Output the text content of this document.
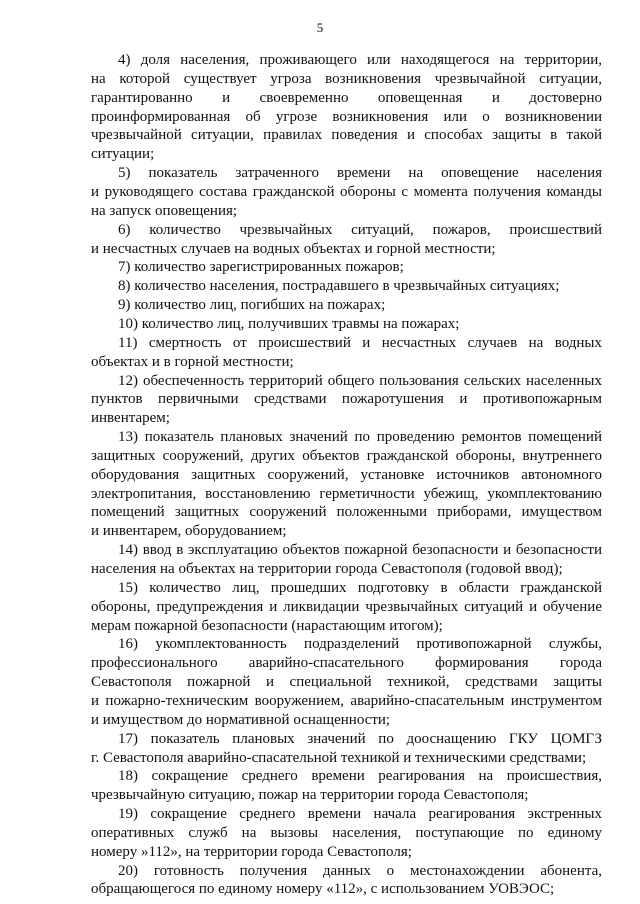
5
4) доля населения, проживающего или находящегося на территории,
на которой существует угроза возникновения чрезвычайной ситуации,
гарантированно и своевременно оповещенная и достоверно
проинформированная об угрозе возникновения или о возникновении
чрезвычайной ситуации, правилах поведения и способах защиты в такой
ситуации;
5) показатель затраченного времени на оповещение населения
и руководящего состава гражданской обороны с момента получения команды
на запуск оповещения;
6) количество чрезвычайных ситуаций, пожаров, происшествий
и несчастных случаев на водных объектах и горной местности;
7) количество зарегистрированных пожаров;
8) количество населения, пострадавшего в чрезвычайных ситуациях;
9) количество лиц, погибших на пожарах;
10) количество лиц, получивших травмы на пожарах;
11) смертность от происшествий и несчастных случаев на водных
объектах и в горной местности;
12) обеспеченность территорий общего пользования сельских населенных
пунктов первичными средствами пожаротушения и противопожарным
инвентарем;
13) показатель плановых значений по проведению ремонтов помещений
защитных сооружений, других объектов гражданской обороны, внутреннего
оборудования защитных сооружений, установке источников автономного
электропитания, восстановлению герметичности убежищ, укомплектованию
помещений защитных сооружений положенными приборами, имуществом
и инвентарем, оборудованием;
14) ввод в эксплуатацию объектов пожарной безопасности и безопасности
населения на объектах на территории города Севастополя (годовой ввод);
15) количество лиц, прошедших подготовку в области гражданской
обороны, предупреждения и ликвидации чрезвычайных ситуаций и обучение
мерам пожарной безопасности (нарастающим итогом);
16) укомплектованность подразделений противопожарной службы,
профессионального аварийно-спасательного формирования города
Севастополя пожарной и специальной техникой, средствами защиты
и пожарно-техническим вооружением, аварийно-спасательным инструментом
и имуществом до нормативной оснащенности;
17) показатель плановых значений по дооснащению ГКУ ЦОМГЗ
г. Севастополя аварийно-спасательной техникой и техническими средствами;
18) сокращение среднего времени реагирования на происшествия,
чрезвычайную ситуацию, пожар на территории города Севастополя;
19) сокращение среднего времени начала реагирования экстренных
оперативных служб на вызовы населения, поступающие по единому
номеру »112», на территории города Севастополя;
20) готовность получения данных о местонахождении абонента,
обращающегося по единому номеру «112», с использованием УОВЭОС;
